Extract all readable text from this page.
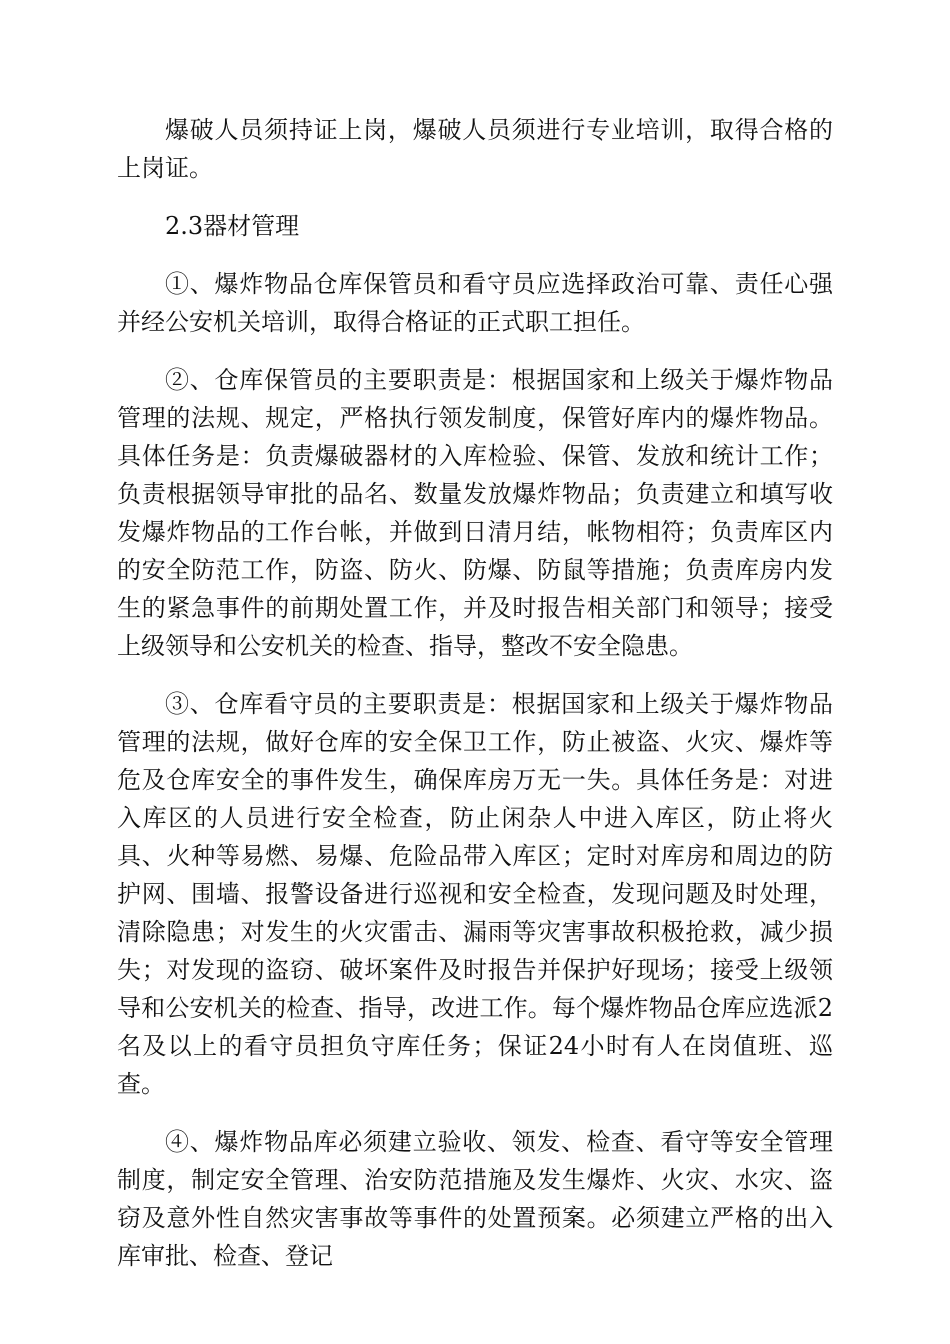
爆破人员须持证上岗，爆破人员须进行专业培训，取得合格的上岗证。

2.3器材管理

①、爆炸物品仓库保管员和看守员应选择政治可靠、责任心强并经公安机关培训，取得合格证的正式职工担任。

②、仓库保管员的主要职责是：根据国家和上级关于爆炸物品管理的法规、规定，严格执行领发制度，保管好库内的爆炸物品。具体任务是：负责爆破器材的入库检验、保管、发放和统计工作；负责根据领导审批的品名、数量发放爆炸物品；负责建立和填写收发爆炸物品的工作台帐，并做到日清月结，帐物相符；负责库区内的安全防范工作，防盗、防火、防爆、防鼠等措施；负责库房内发生的紧急事件的前期处置工作，并及时报告相关部门和领导；接受上级领导和公安机关的检查、指导，整改不安全隐患。

③、仓库看守员的主要职责是：根据国家和上级关于爆炸物品管理的法规，做好仓库的安全保卫工作，防止被盗、火灾、爆炸等危及仓库安全的事件发生，确保库房万无一失。具体任务是：对进入库区的人员进行安全检查，防止闲杂人中进入库区，防止将火具、火种等易燃、易爆、危险品带入库区；定时对库房和周边的防护网、围墙、报警设备进行巡视和安全检查，发现问题及时处理，清除隐患；对发生的火灾雷击、漏雨等灾害事故积极抢救，减少损失；对发现的盗窃、破坏案件及时报告并保护好现场；接受上级领导和公安机关的检查、指导，改进工作。每个爆炸物品仓库应选派2名及以上的看守员担负守库任务；保证24小时有人在岗值班、巡查。

④、爆炸物品库必须建立验收、领发、检查、看守等安全管理制度，制定安全管理、治安防范措施及发生爆炸、火灾、水灾、盗窃及意外性自然灾害事故等事件的处置预案。必须建立严格的出入库审批、检查、登记
